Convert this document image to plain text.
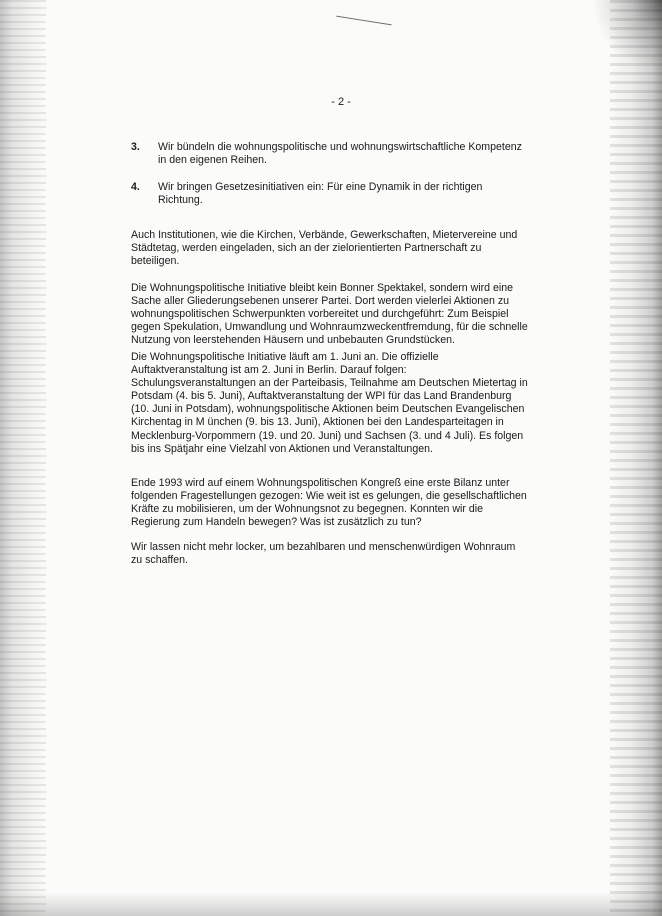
- 2 -
3. Wir bündeln die wohnungspolitische und wohnungswirtschaftliche Kompetenz in den eigenen Reihen.
4. Wir bringen Gesetzesinitiativen ein: Für eine Dynamik in der richtigen Richtung.

Auch Institutionen, wie die Kirchen, Verbände, Gewerkschaften, Mietervereine und Städtetag, werden eingeladen, sich an der zielorientierten Partnerschaft zu beteiligen.

Die Wohnungspolitische Initiative bleibt kein Bonner Spektakel, sondern wird eine Sache aller Gliederungsebenen unserer Partei. Dort werden vielerlei Aktionen zu wohnungspolitischen Schwerpunkten vorbereitet und durchgeführt: Zum Beispiel gegen Spekulation, Umwandlung und Wohnraumzweckentfremdung, für die schnelle Nutzung von leerstehenden Häusern und unbebauten Grundstücken.

Die Wohnungspolitische Initiative läuft am 1. Juni an. Die offizielle Auftaktveranstaltung ist am 2. Juni in Berlin. Darauf folgen: Schulungsveranstaltungen an der Parteibasis, Teilnahme am Deutschen Mietertag in Potsdam (4. bis 5. Juni), Auftaktveranstaltung der WPI für das Land Brandenburg (10. Juni in Potsdam), wohnungspolitische Aktionen beim Deutschen Evangelischen Kirchentag in M ünchen (9. bis 13. Juni), Aktionen bei den Landesparteitagen in Mecklenburg-Vorpommern (19. und 20. Juni) und Sachsen (3. und 4 Juli). Es folgen bis ins Spätjahr eine Vielzahl von Aktionen und Veranstaltungen.

Ende 1993 wird auf einem Wohnungspolitischen Kongreß eine erste Bilanz unter folgenden Fragestellungen gezogen: Wie weit ist es gelungen, die gesellschaftlichen Kräfte zu mobilisieren, um der Wohnungsnot zu begegnen. Konnten wir die Regierung zum Handeln bewegen? Was ist zusätzlich zu tun?

Wir lassen nicht mehr locker, um bezahlbaren und menschenwürdigen Wohnraum zu schaffen.
